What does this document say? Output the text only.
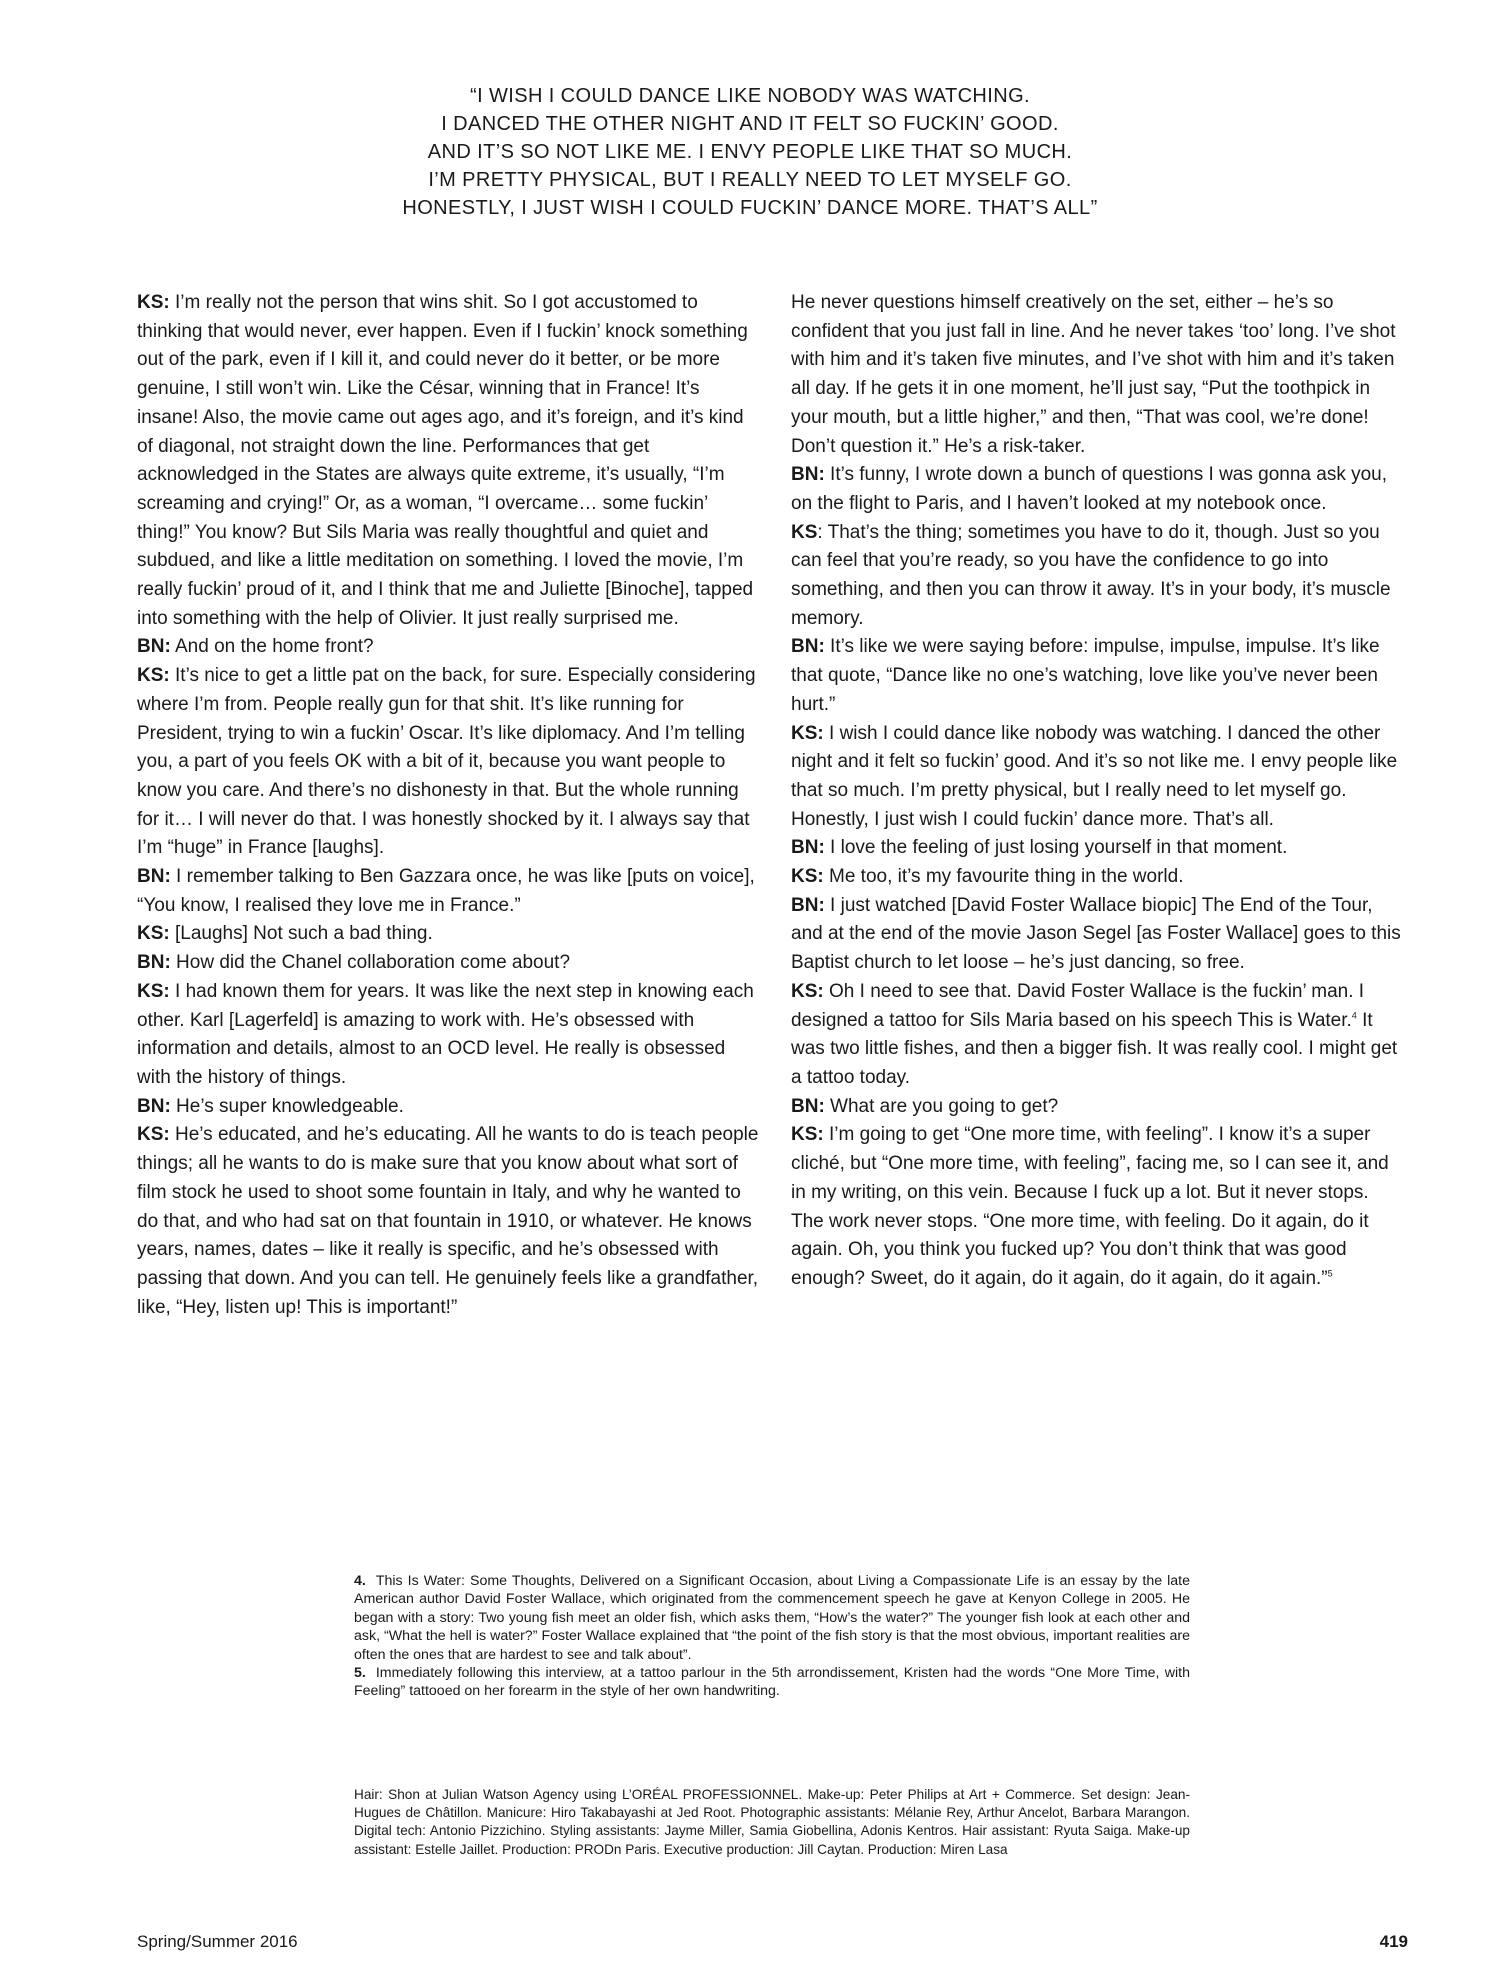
“I WISH I COULD DANCE LIKE NOBODY WAS WATCHING.
I DANCED THE OTHER NIGHT AND IT FELT SO FUCKIN’ GOOD.
AND IT’S SO NOT LIKE ME. I ENVY PEOPLE LIKE THAT SO MUCH.
I’M PRETTY PHYSICAL, BUT I REALLY NEED TO LET MYSELF GO.
HONESTLY, I JUST WISH I COULD FUCKIN’ DANCE MORE. THAT’S ALL”

KS: I’m really not the person that wins shit. So I got accustomed to thinking that would never, ever happen. Even if I fuckin’ knock something out of the park, even if I kill it, and could never do it better, or be more genuine, I still won’t win. Like the César, winning that in France! It’s insane! Also, the movie came out ages ago, and it’s foreign, and it’s kind of diagonal, not straight down the line. Performances that get acknowledged in the States are always quite extreme, it’s usually, “I’m screaming and crying!” Or, as a woman, “I overcame… some fuckin’ thing!” You know? But Sils Maria was really thoughtful and quiet and subdued, and like a little meditation on something. I loved the movie, I’m really fuckin’ proud of it, and I think that me and Juliette [Binoche], tapped into something with the help of Olivier. It just really surprised me.

BN: And on the home front?

KS: It’s nice to get a little pat on the back, for sure. Especially considering where I’m from. People really gun for that shit. It’s like running for President, trying to win a fuckin’ Oscar. It’s like diplomacy. And I’m telling you, a part of you feels OK with a bit of it, because you want people to know you care. And there’s no dishonesty in that. But the whole running for it… I will never do that. I was honestly shocked by it. I always say that I’m “huge” in France [laughs].

BN: I remember talking to Ben Gazzara once, he was like [puts on voice], “You know, I realised they love me in France.”

KS: [Laughs] Not such a bad thing.

BN: How did the Chanel collaboration come about?

KS: I had known them for years. It was like the next step in knowing each other. Karl [Lagerfeld] is amazing to work with. He’s obsessed with information and details, almost to an OCD level. He really is obsessed with the history of things.

BN: He’s super knowledgeable.

KS: He’s educated, and he’s educating. All he wants to do is teach people things; all he wants to do is make sure that you know about what sort of film stock he used to shoot some fountain in Italy, and why he wanted to do that, and who had sat on that fountain in 1910, or whatever. He knows years, names, dates – like it really is specific, and he’s obsessed with passing that down. And you can tell. He genuinely feels like a grandfather, like, “Hey, listen up! This is important!”

He never questions himself creatively on the set, either – he’s so confident that you just fall in line. And he never takes ‘too’ long. I’ve shot with him and it’s taken five minutes, and I’ve shot with him and it’s taken all day. If he gets it in one moment, he’ll just say, “Put the toothpick in your mouth, but a little higher,” and then, “That was cool, we’re done! Don’t question it.” He’s a risk-taker.

BN: It’s funny, I wrote down a bunch of questions I was gonna ask you, on the flight to Paris, and I haven’t looked at my notebook once.

KS: That’s the thing; sometimes you have to do it, though. Just so you can feel that you’re ready, so you have the confidence to go into something, and then you can throw it away. It’s in your body, it’s muscle memory.

BN: It’s like we were saying before: impulse, impulse, impulse. It’s like that quote, “Dance like no one’s watching, love like you’ve never been hurt.”

KS: I wish I could dance like nobody was watching. I danced the other night and it felt so fuckin’ good. And it’s so not like me. I envy people like that so much. I’m pretty physical, but I really need to let myself go. Honestly, I just wish I could fuckin’ dance more. That’s all.

BN: I love the feeling of just losing yourself in that moment.

KS: Me too, it’s my favourite thing in the world.

BN: I just watched [David Foster Wallace biopic] The End of the Tour, and at the end of the movie Jason Segel [as Foster Wallace] goes to this Baptist church to let loose – he’s just dancing, so free.

KS: Oh I need to see that. David Foster Wallace is the fuckin’ man. I designed a tattoo for Sils Maria based on his speech This is Water.$^4$ It was two little fishes, and then a bigger fish. It was really cool. I might get a tattoo today.

BN: What are you going to get?

KS: I’m going to get “One more time, with feeling”. I know it’s a super cliché, but “One more time, with feeling”, facing me, so I can see it, and in my writing, on this vein. Because I fuck up a lot. But it never stops. The work never stops. “One more time, with feeling. Do it again, do it again. Oh, you think you fucked up? You don’t think that was good enough? Sweet, do it again, do it again, do it again, do it again.”$^5$

4. This Is Water: Some Thoughts, Delivered on a Significant Occasion, about Living a Compassionate Life is an essay by the late American author David Foster Wallace, which originated from the commencement speech he gave at Kenyon College in 2005. He began with a story: Two young fish meet an older fish, which asks them, “How’s the water?” The younger fish look at each other and ask, “What the hell is water?” Foster Wallace explained that “the point of the fish story is that the most obvious, important realities are often the ones that are hardest to see and talk about”.

5. Immediately following this interview, at a tattoo parlour in the 5th arrondissement, Kristen had the words “One More Time, with Feeling” tattooed on her forearm in the style of her own handwriting.

Hair: Shon at Julian Watson Agency using L’ORÉAL PROFESSIONNEL. Make-up: Peter Philips at Art + Commerce. Set design: Jean-Hugues de Châtillon. Manicure: Hiro Takabayashi at Jed Root. Photographic assistants: Mélanie Rey, Arthur Ancelot, Barbara Marangon. Digital tech: Antonio Pizzichino. Styling assistants: Jayme Miller, Samia Giobellina, Adonis Kentros. Hair assistant: Ryuta Saiga. Make-up assistant: Estelle Jaillet. Production: PRODn Paris. Executive production: Jill Caytan. Production: Miren Lasa
Spring/Summer 2016	419
